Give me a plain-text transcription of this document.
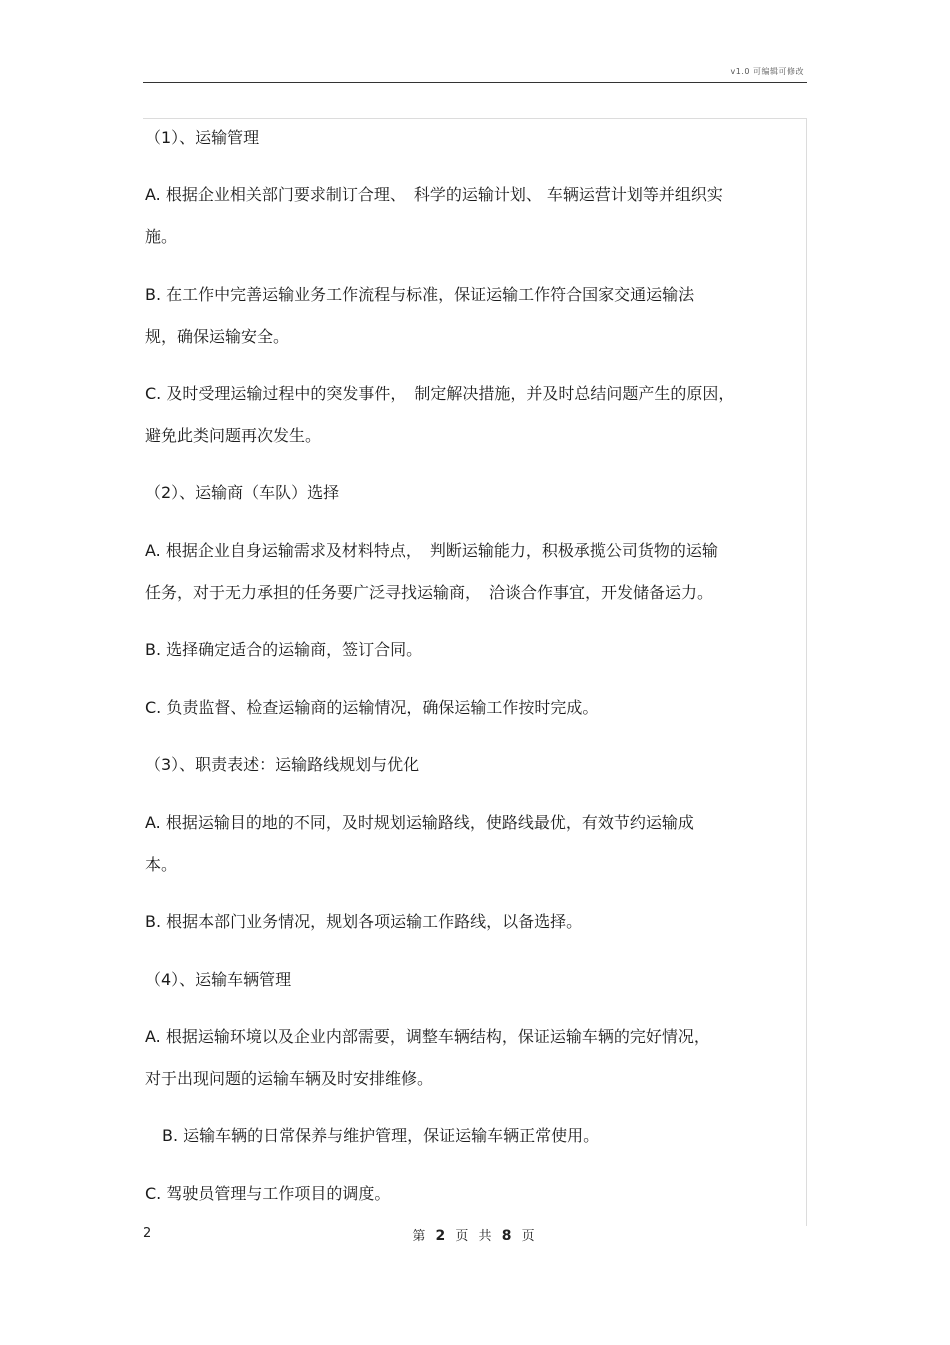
v1.0 可编辑可修改
（1）、运输管理
A. 根据企业相关部门要求制订合理、　科学的运输计划、 车辆运营计划等并组织实
施。
B. 在工作中完善运输业务工作流程与标准，保证运输工作符合国家交通运输法
规，确保运输安全。
C. 及时受理运输过程中的突发事件，　制定解决措施，并及时总结问题产生的原因，
避免此类问题再次发生。
（2）、运输商（车队）选择
A. 根据企业自身运输需求及材料特点，　判断运输能力，积极承揽公司货物的运输
任务，对于无力承担的任务要广泛寻找运输商，　洽谈合作事宜，开发储备运力。
B. 选择确定适合的运输商，签订合同。
C. 负责监督、检查运输商的运输情况，确保运输工作按时完成。
（3）、职责表述：运输路线规划与优化
A. 根据运输目的地的不同，及时规划运输路线，使路线最优，有效节约运输成
本。
B. 根据本部门业务情况，规划各项运输工作路线，以备选择。
（4）、运输车辆管理
A. 根据运输环境以及企业内部需要，调整车辆结构，保证运输车辆的完好情况，
对于出现问题的运输车辆及时安排维修。
B. 运输车辆的日常保养与维护管理，保证运输车辆正常使用。
C. 驾驶员管理与工作项目的调度。
2	第 2 页 共 8 页
